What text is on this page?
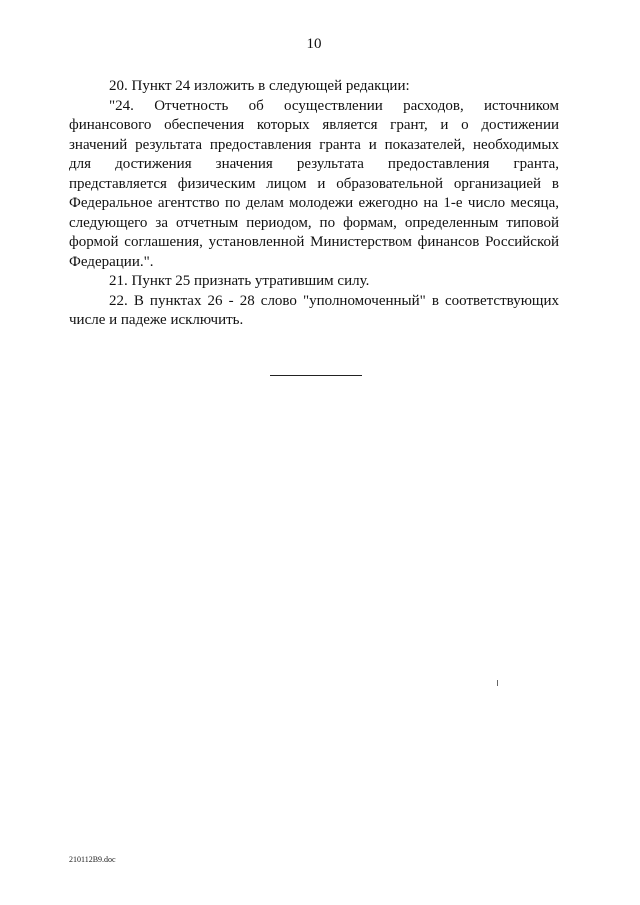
10

20. Пункт 24 изложить в следующей редакции:

"24. Отчетность об осуществлении расходов, источником

финансового обеспечения которых является грант, и о достижении

значений результата предоставления гранта и показателей, необходимых

для достижения значения результата предоставления гранта,

представляется физическим лицом и образовательной организацией в

Федеральное агентство по делам молодежи ежегодно на 1-е число месяца,

следующего за отчетным периодом, по формам, определенным типовой

формой соглашения, установленной Министерством финансов Российской

Федерации.".

21. Пункт 25 признать утратившим силу.

22. В пунктах 26 - 28 слово "уполномоченный" в соответствующих

числе и падеже исключить.

210112В9.doc
